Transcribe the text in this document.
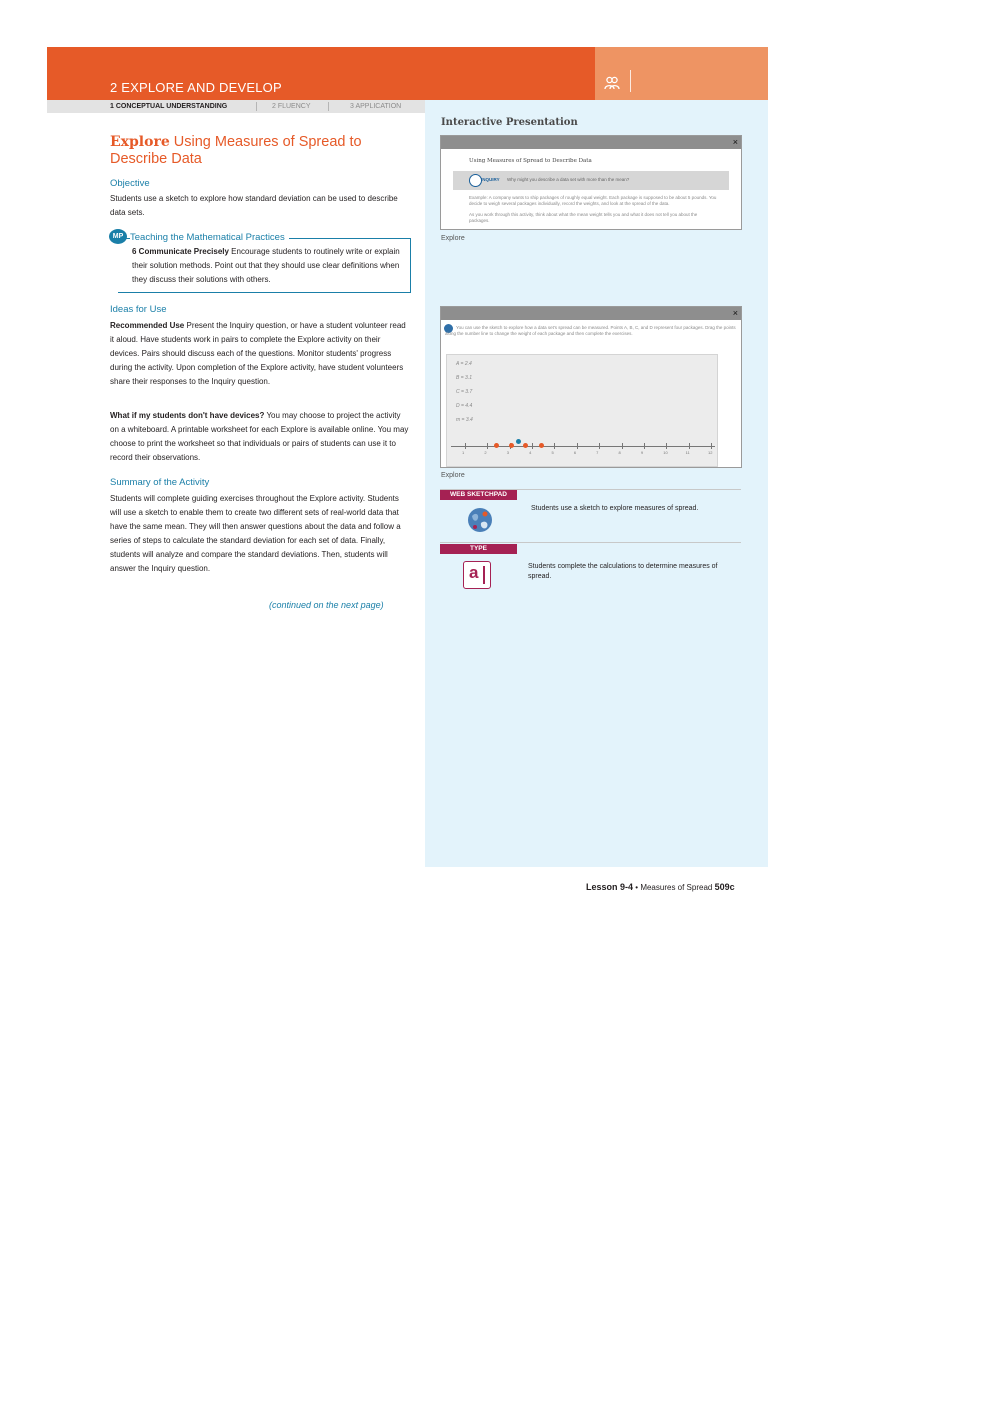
2 EXPLORE AND DEVELOP
1 CONCEPTUAL UNDERSTANDING	2 FLUENCY	3 APPLICATION
Explore Using Measures of Spread to Describe Data
Objective
Students use a sketch to explore how standard deviation can be used to describe data sets.
MP Teaching the Mathematical Practices
6 Communicate Precisely Encourage students to routinely write or explain their solution methods. Point out that they should use clear definitions when they discuss their solutions with others.
Ideas for Use
Recommended Use Present the Inquiry question, or have a student volunteer read it aloud. Have students work in pairs to complete the Explore activity on their devices. Pairs should discuss each of the questions. Monitor students' progress during the activity. Upon completion of the Explore activity, have student volunteers share their responses to the Inquiry question.
What if my students don't have devices? You may choose to project the activity on a whiteboard. A printable worksheet for each Explore is available online. You may choose to print the worksheet so that individuals or pairs of students can use it to record their observations.
Summary of the Activity
Students will complete guiding exercises throughout the Explore activity. Students will use a sketch to enable them to create two different sets of real-world data that have the same mean. They will then answer questions about the data and follow a series of steps to calculate the standard deviation for each set of data. Finally, students will analyze and compare the standard deviations. Then, students will answer the Inquiry question.
(continued on the next page)
Interactive Presentation
×
Using Measures of Spread to Describe Data
INQUIRY Why might you describe a data set with more than the mean?
Example: A company wants to ship packages of roughly equal weight. Each package is supposed to be about 5 pounds. You decide to weigh several packages individually, record the weights, and look at the spread of the data.
As you work through this activity, think about what the mean weight tells you and what it does not tell you about the packages.
Explore
×
You can use the sketch to explore how a data set's spread can be measured. Points A, B, C, and D represent four packages. Drag the points along the number line to change the weight of each package and then complete the exercises.
A = 2.4
B = 3.1
C = 3.7
D = 4.4
m = 3.4
1	2	3	4	5	6	7	8	9	10	11	12
Explore
WEB SKETCHPAD
Students use a sketch to explore measures of spread.
TYPE
a	Students complete the calculations to determine measures of spread.
Lesson 9-4 • Measures of Spread 509c
